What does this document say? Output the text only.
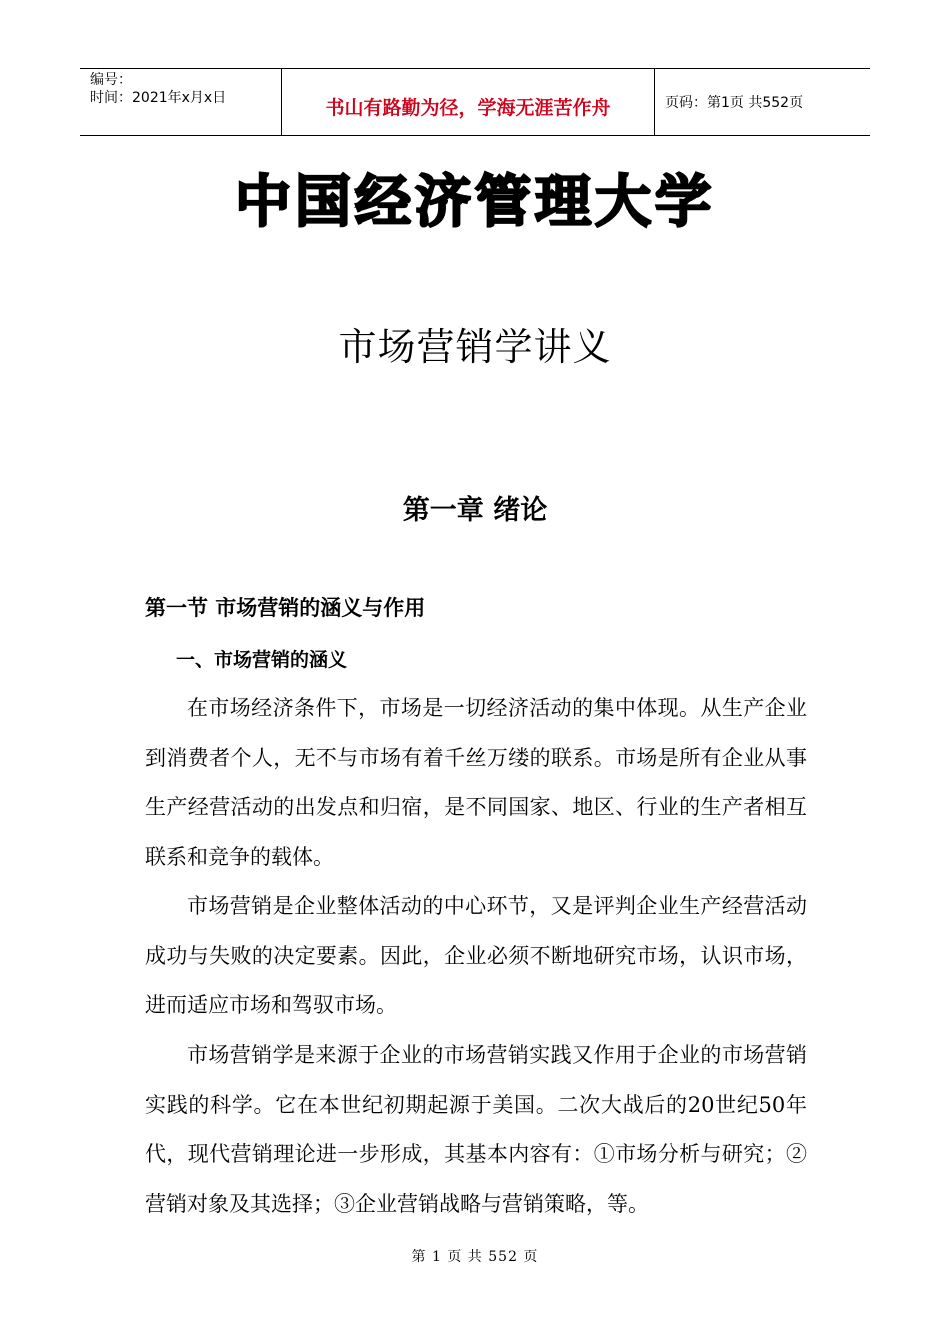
编号：
时间：2021年x月x日	书山有路勤为径，学海无涯苦作舟	页码：第1页 共552页
中国经济管理大学
市场营销学讲义
第一章 绪论
第一节 市场营销的涵义与作用
一、市场营销的涵义

在市场经济条件下，市场是一切经济活动的集中体现。从生产企业到消费者个人，无不与市场有着千丝万缕的联系。市场是所有企业从事生产经营活动的出发点和归宿，是不同国家、地区、行业的生产者相互联系和竞争的载体。

市场营销是企业整体活动的中心环节，又是评判企业生产经营活动成功与失败的决定要素。因此，企业必须不断地研究市场，认识市场，进而适应市场和驾驭市场。

市场营销学是来源于企业的市场营销实践又作用于企业的市场营销实践的科学。它在本世纪初期起源于美国。二次大战后的20世纪50年代，现代营销理论进一步形成，其基本内容有：①市场分析与研究；②营销对象及其选择；③企业营销战略与营销策略，等。

第 1 页 共 552 页
